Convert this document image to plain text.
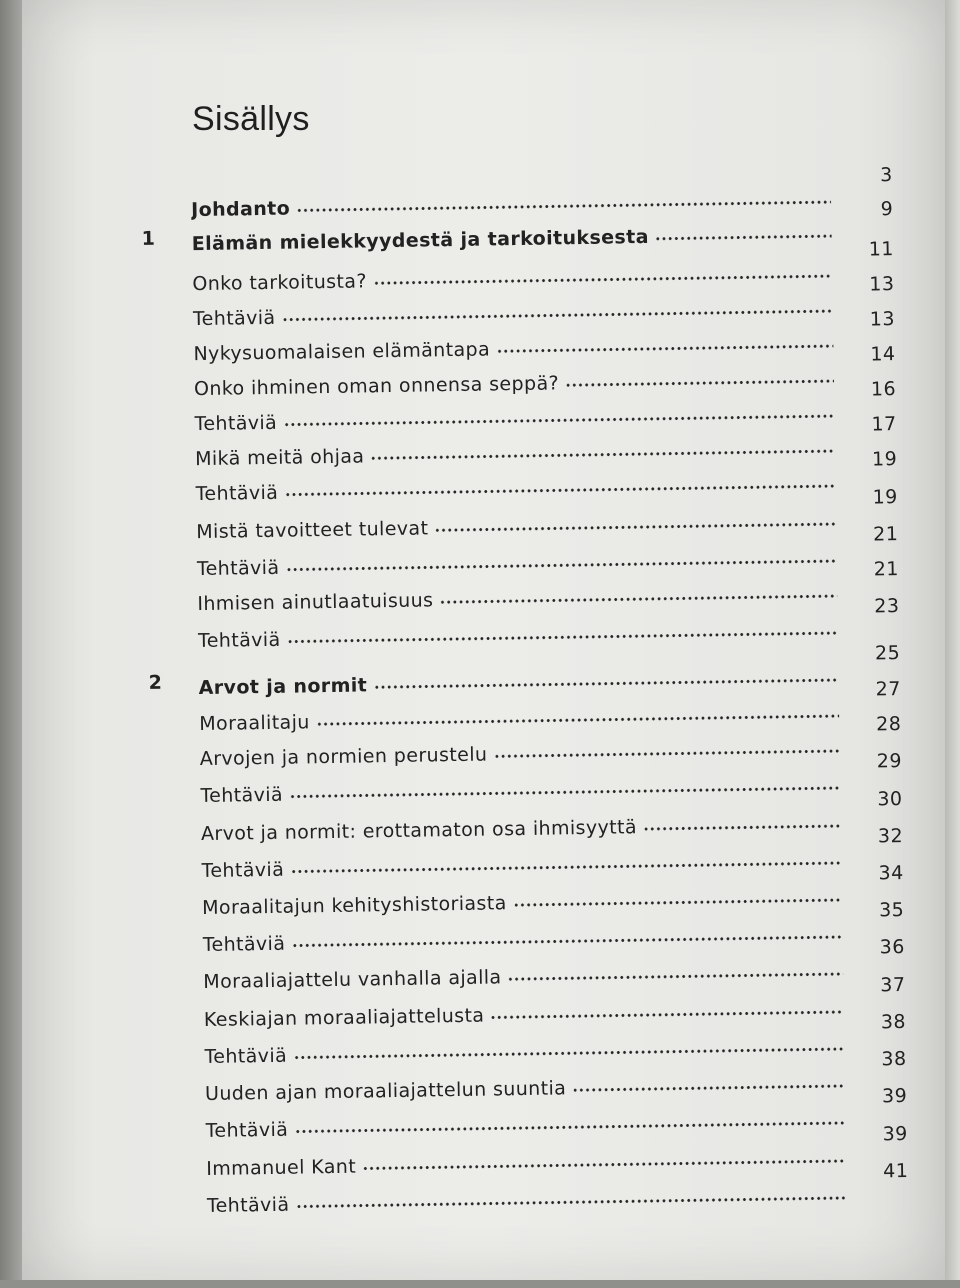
Sisällys
Johdanto
3
1	Elämän mielekkyydestä ja tarkoituksesta
9
Onko tarkoitusta?
11
Tehtäviä
13
Nykysuomalaisen elämäntapa
13
Onko ihminen oman onnensa seppä?
14
Tehtäviä
16
Mikä meitä ohjaa
17
Tehtäviä
19
Mistä tavoitteet tulevat
19
Tehtäviä
21
Ihmisen ainutlaatuisuus
21
Tehtäviä
23
2	Arvot ja normit
25
Moraalitaju
27
Arvojen ja normien perustelu
28
Tehtäviä
29
Arvot ja normit: erottamaton osa ihmisyyttä
30
Tehtäviä
32
Moraalitajun kehityshistoriasta
34
Tehtäviä
35
Moraaliajattelu vanhalla ajalla
36
Keskiajan moraaliajattelusta
37
Tehtäviä
38
Uuden ajan moraaliajattelun suuntia
38
Tehtäviä
39
Immanuel Kant
39
Tehtäviä
41
